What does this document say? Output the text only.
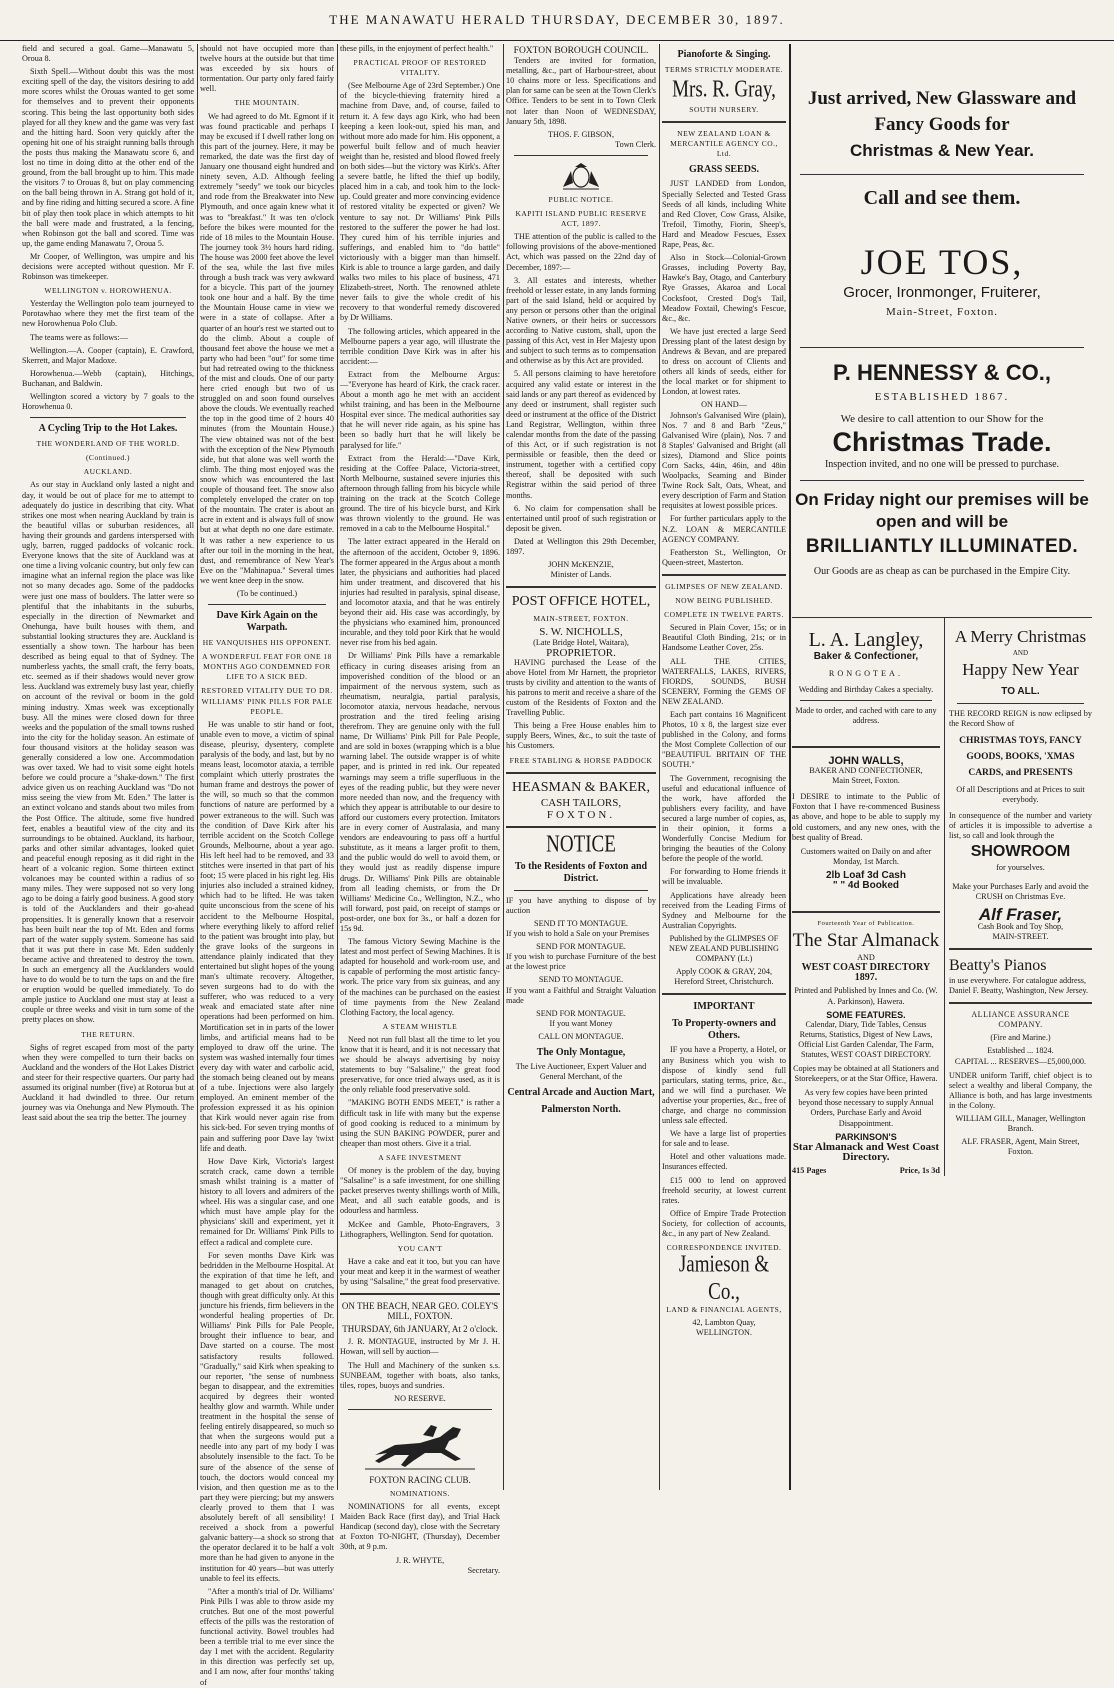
THE MANAWATU HERALD THURSDAY, DECEMBER 30, 1897.

field and secured a goal. Game—Manawatu 5, Oroua 8.

Sixth Spell.—Without doubt this was the most exciting spell of the day, the visitors desiring to add more scores whilst the Orouas wanted to get some for themselves and to prevent their opponents scoring. This being the last opportunity both sides played for all they knew and the game was very fast and the hitting hard. Soon very quickly after the opening hit one of his straight running balls through the posts thus making the Manawatu score 6, and lost no time in doing ditto at the other end of the ground, from the ball brought up to him. This made the visitors 7 to Orouas 8, but on play commencing on the ball being thrown in A. Strang got hold of it, and by fine riding and hitting secured a score. A fine bit of play then took place in which attempts to hit the ball were made and frustrated, a la fencing, when Robinson got the ball and scored. Time was up, the game ending Manawatu 7, Oroua 5.

Mr Cooper, of Wellington, was umpire and his decisions were accepted without question. Mr F. Robinson was timekeeper.

WELLINGTON v. HOROWHENUA.

Yesterday the Wellington polo team journeyed to Porotawhao where they met the first team of the new Horowhenua Polo Club.

The teams were as follows:—

Wellington.—A. Cooper (captain), E. Crawford, Skerrett, and Major Madoxe.

Horowhenua.—Webb (captain), Hitchings, Buchanan, and Baldwin.

Wellington scored a victory by 7 goals to the Horowhenua 0.

A Cycling Trip to the Hot Lakes.
THE WONDERLAND OF THE WORLD.
(Continued.)
AUCKLAND.

As our stay in Auckland only lasted a night and day, it would be out of place for me to attempt to adequately do justice in describing that city. What strikes one most when nearing Auckland by train is the beautiful villas or suburban residences, all having their grounds and gardens interspersed with ugly, barren, rugged paddocks of volcanic rock. Everyone knows that the site of Auckland was at one time a living volcanic country, but only few can imagine what an infernal region the place was like not so many decades ago. Some of the paddocks were just one mass of boulders. The latter were so plentiful that the inhabitants in the suburbs, especially in the direction of Newmarket and Onehunga, have built houses with them, and substantial looking structures they are. Auckland is essentially a show town. The harbour has been described as being equal to that of Sydney. The numberless yachts, the small craft, the ferry boats, etc. seemed as if their shadows would never grow less. Auckland was extremely busy last year, chiefly on account of the revival or boom in the gold mining industry. Xmas week was exceptionally busy. All the mines were closed down for three weeks and the population of the small towns rushed into the city for the holiday season. An estimate of four thousand visitors at the holiday season was generally considered a low one. Accommodation was over taxed. We had to visit some eight hotels before we could procure a "shake-down." The first advice given us on reaching Auckland was "Do not miss seeing the view from Mt. Eden." The latter is an extinct volcano and stands about two miles from the Post Office. The altitude, some five hundred feet, enables a beautiful view of the city and its surroundings to be obtained. Auckland, its harbour, parks and other similar advantages, looked quiet and peaceful enough reposing as it did right in the heart of a volcanic region. Some thirteen extinct volcanoes may be counted within a radius of so many miles. They were supposed not so very long ago to be doing a fairly good business. A good story is told of the Aucklanders and their go-ahead propensities. It is generally known that a reservoir has been built near the top of Mt. Eden and forms part of the water supply system. Someone has said that it was put there in case Mt. Eden suddenly became active and threatened to destroy the town. In such an emergency all the Aucklanders would have to do would be to turn the taps on and the fire or eruption would be quelled immediately. To do ample justice to Auckland one must stay at least a couple or three weeks and visit in turn some of the pretty places on show.

THE RETURN.

Sighs of regret escaped from most of the party when they were compelled to turn their backs on Auckland and the wonders of the Hot Lakes District and steer for their respective quarters. Our party had assumed its original number (five) at Rotorua but at Auckland it had dwindled to three. Our return journey was via Onehunga and New Plymouth. The least said about the sea trip the better. The journey

should not have occupied more than twelve hours at the outside but that time was exceeded by six hours of tormentation. Our party only fared fairly well.

THE MOUNTAIN.

We had agreed to do Mt. Egmont if it was found practicable and perhaps I may be excused if I dwell rather long on this part of the journey. Here, it may be remarked, the date was the first day of January one thousand eight hundred and ninety seven, A.D. Although feeling extremely "seedy" we took our bicycles and rode from the Breakwater into New Plymouth, and once again knew what it was to "breakfast." It was ten o'clock before the bikes were mounted for the ride of 18 miles to the Mountain House. The journey took 3½ hours hard riding. The house was 2000 feet above the level of the sea, while the last five miles through a bush track was very awkward for a bicycle. This part of the journey took one hour and a half. By the time the Mountain House came in view we were in a state of collapse. After a quarter of an hour's rest we started out to do the climb. About a couple of thousand feet above the house we met a party who had been "out" for some time but had retreated owing to the thickness of the mist and clouds. One of our party here cried enough but two of us struggled on and soon found ourselves above the clouds. We eventually reached the top in the good time of 2 hours 40 minutes (from the Mountain House.) The view obtained was not of the best with the exception of the New Plymouth side, but that alone was well worth the climb. The thing most enjoyed was the snow which was encountered the last couple of thousand feet. The snow also completely enveloped the crater on top of the mountain. The crater is about an acre in extent and is always full of snow but at what depth no one dare estimate. It was rather a new experience to us after our toil in the morning in the heat, dust, and remembrance of New Year's Eve on the "Mahinapua." Several times we went knee deep in the snow.

(To be continued.)
Dave Kirk Again on the Warpath.
HE VANQUISHES HIS OPPONENT.
A WONDERFUL FEAT FOR ONE 18 MONTHS AGO CONDEMNED FOR LIFE TO A SICK BED.
RESTORED VITALITY DUE TO DR. WILLIAMS' PINK PILLS FOR PALE PEOPLE.

He was unable to stir hand or foot, unable even to move, a victim of spinal disease, pleurisy, dysentery, complete paralysis of the body, and last, but by no means least, locomotor ataxia, a terrible complaint which utterly prostrates the human frame and destroys the power of the will, so much so that the common functions of nature are performed by a power extraneous to the will. Such was the condition of Dave Kirk after his terrible accident on the Scotch College Grounds, Melbourne, about a year ago. His left heel had to be removed, and 33 stitches were inserted in that part of his foot; 15 were placed in his right leg. His injuries also included a strained kidney, which had to be lifted. He was taken quite unconscious from the scene of his accident to the Melbourne Hospital, where everything likely to afford relief to the patient was brought into play, but the grave looks of the surgeons in attendance plainly indicated that they entertained but slight hopes of the young man's ultimate recovery. Altogether, seven surgeons had to do with the sufferer, who was reduced to a very weak and emaciated state after nine operations had been performed on him. Mortification set in in parts of the lower limbs, and artificial means had to be employed to draw off the urine. The system was washed internally four times every day with water and carbolic acid, the stomach being cleaned out by means of a tube. Injections were also largely employed. An eminent member of the profession expressed it as his opinion that Kirk would never again rise from his sick-bed. For seven trying months of pain and suffering poor Dave lay 'twixt life and death.

How Dave Kirk, Victoria's largest scratch crack, came down a terrible smash whilst training is a matter of history to all lovers and admirers of the wheel. His was a singular case, and one which must have ample play for the physicians' skill and experiment, yet it remained for Dr. Williams' Pink Pills to effect a radical and complete cure.

For seven months Dave Kirk was bedridden in the Melbourne Hospital. At the expiration of that time he left, and managed to get about on crutches, though with great difficulty only. At this juncture his friends, firm believers in the wonderful healing properties of Dr. Williams' Pink Pills for Pale People, brought their influence to bear, and Dave started on a course. The most satisfactory results followed. "Gradually," said Kirk when speaking to our reporter, "the sense of numbness began to disappear, and the extremities acquired by degrees their wonted healthy glow and warmth. While under treatment in the hospital the sense of feeling entirely disappeared, so much so that when the surgeons would put a needle into any part of my body I was absolutely insensible to the fact. To be sure of the absence of the sense of touch, the doctors would conceal my vision, and then question me as to the part they were piercing; but my answers clearly proved to them that I was absolutely bereft of all sensibility! I received a shock from a powerful galvanic battery—a shock so strong that the operator declared it to be half a volt more than he had given to anyone in the institution for 40 years—but was utterly unable to feel its effects.

"After a month's trial of Dr. Williams' Pink Pills I was able to throw aside my crutches. But one of the most powerful effects of the pills was the restoration of functional activity. Bowel troubles had been a terrible trial to me ever since the day I met with the accident. Regularity in this direction was perfectly set up, and I am now, after four months' taking of

these pills, in the enjoyment of perfect health."

PRACTICAL PROOF OF RESTORED VITALITY.

(See Melbourne Age of 23rd September.) One of the bicycle-thieving fraternity hired a machine from Dave, and, of course, failed to return it. A few days ago Kirk, who had been keeping a keen look-out, spied his man, and without more ado made for him. His opponent, a powerful built fellow and of much heavier weight than he, resisted and blood flowed freely on both sides—but the victory was Kirk's. After a severe battle, he lifted the thief up bodily, placed him in a cab, and took him to the lock-up. Could greater and more convincing evidence of restored vitality be expected or given? We venture to say not. Dr Williams' Pink Pills restored to the sufferer the power he had lost. They cured him of his terrible injuries and sufferings, and enabled him to "do battle" victoriously with a bigger man than himself. Kirk is able to trounce a large garden, and daily walks two miles to his place of business, 471 Elizabeth-street, North. The renowned athlete never fails to give the whole credit of his recovery to that wonderful remedy discovered by Dr Williams.

The following articles, which appeared in the Melbourne papers a year ago, will illustrate the terrible condition Dave Kirk was in after his accident:—

Extract from the Melbourne Argus:—"Everyone has heard of Kirk, the crack racer. About a month ago he met with an accident whilst training, and has been in the Melbourne Hospital ever since. The medical authorities say that he will never ride again, as his spine has been so badly hurt that he will likely be paralysed for life."

Extract from the Herald:—"Dave Kirk, residing at the Coffee Palace, Victoria-street, North Melbourne, sustained severe injuries this afternoon through falling from his bicycle while training on the track at the Scotch College ground. The tire of his bicycle burst, and Kirk was thrown violently to the ground. He was removed in a cab to the Melbourne Hospital."

The latter extract appeared in the Herald on the afternoon of the accident, October 9, 1896. The former appeared in the Argus about a month later, the physicians and authorities had placed him under treatment, and discovered that his injuries had resulted in paralysis, spinal disease, and locomotor ataxia, and that he was entirely beyond their aid. His case was accordingly, by the physicians who examined him, pronounced incurable, and they told poor Kirk that he would never rise from his bed again.

Dr Williams' Pink Pills have a remarkable efficacy in curing diseases arising from an impoverished condition of the blood or an impairment of the nervous system, such as rheumatism, neuralgia, partial paralysis, locomotor ataxia, nervous headache, nervous prostration and the tired feeling arising therefrom. They are genuine only with the full name, Dr Williams' Pink Pill for Pale People, and are sold in boxes (wrapping which is a blue warning label. The outside wrapper is of white paper, and is printed in red ink. Our repeated warnings may seem a trifle superfluous in the eyes of the reading public, but they were never more needed than now, and the frequency with which they appear is attributable to our desire to afford our customers every protection. Imitators are in every corner of Australasia, and many vendors are endeavouring to pass off a hurtful substitute, as it means a larger profit to them, and the public would do well to avoid them, or they would just as readily dispense impure drugs. Dr. Williams' Pink Pills are obtainable from all leading chemists, or from the Dr Williams' Medicine Co., Wellington, N.Z., who will forward, post paid, on receipt of stamps or post-order, one box for 3s., or half a dozen for 15s 9d.

The famous Victory Sewing Machine is the latest and most perfect of Sewing Machines. It is adapted for household and work-room use, and is capable of performing the most artistic fancy-work. The price vary from six guineas, and any of the machines can be purchased on the easiest of time payments from the New Zealand Clothing Factory, the local agency.

A STEAM WHISTLE

Need not run full blast all the time to let you know that it is heard, and it is not necessary that we should be always advertising by noisy statements to buy "Salsaline," the great food preservative, for once tried always used, as it is the only reliable food preservative sold.

"MAKING BOTH ENDS MEET," is rather a difficult task in life with many but the expense of good cooking is reduced to a minimum by using the SUN BAKING POWDER, purer and cheaper than most others. Give it a trial.

A SAFE INVESTMENT

Of money is the problem of the day, buying "Salsaline" is a safe investment, for one shilling packet preserves twenty shillings worth of Milk, Meat, and all such eatable goods, and is odourless and harmless.

McKee and Gamble, Photo-Engravers, 3 Lithographers, Wellington. Send for quotation.

YOU CAN'T

Have a cake and eat it too, but you can have your meat and keep it in the warmest of weather by using "Salsaline," the great food preservative.

ON THE BEACH, NEAR GEO. COLEY'S MILL, FOXTON.
THURSDAY, 6th JANUARY, At 2 o'clock.

J. R. MONTAGUE, instructed by Mr J. H. Howan, will sell by auction—

The Hull and Machinery of the sunken s.s. SUNBEAM, together with boats, also tanks, tiles, ropes, buoys and sundries.

NO RESERVE.
FOXTON RACING CLUB.
NOMINATIONS.

NOMINATIONS for all events, except Maiden Back Race (first day), and Trial Hack Handicap (second day), close with the Secretary at Foxton TO-NIGHT, (Thursday), December 30th, at 9 p.m.

J. R. WHYTE,
Secretary.
FOXTON BOROUGH COUNCIL.

Tenders are invited for formation, metalling, &c., part of Harbour-street, about 10 chains more or less. Specifications and plan for same can be seen at the Town Clerk's Office. Tenders to be sent in to Town Clerk not later than Noon of WEDNESDAY, January 5th, 1898.

THOS. F. GIBSON,
Town Clerk.
PUBLIC NOTICE.
KAPITI ISLAND PUBLIC RESERVE ACT, 1897.

THE attention of the public is called to the following provisions of the above-mentioned Act, which was passed on the 22nd day of December, 1897:—

3. All estates and interests, whether freehold or lesser estate, in any lands forming part of the said Island, held or acquired by any person or persons other than the original Native owners, or their heirs or successors according to Native custom, shall, upon the passing of this Act, vest in Her Majesty upon and subject to such terms as to compensation and otherwise as by this Act are provided.

5. All persons claiming to have heretofore acquired any valid estate or interest in the said lands or any part thereof as evidenced by any deed or instrument, shall register such deed or instrument at the office of the District Land Registrar, Wellington, within three calendar months from the date of the passing of this Act, or if such registration is not permissible or feasible, then the deed or instrument, together with a certified copy thereof, shall be deposited with such Registrar within the said period of three months.

6. No claim for compensation shall be entertained until proof of such registration or deposit be given.

Dated at Wellington this 29th December, 1897.

JOHN McKENZIE,
Minister of Lands.
POST OFFICE HOTEL,
MAIN-STREET, FOXTON.
S. W. NICHOLLS,
(Late Bridge Hotel, Waitara),
PROPRIETOR.

HAVING purchased the Lease of the above Hotel from Mr Harnett, the proprietor trusts by civility and attention to the wants of his patrons to merit and receive a share of the custom of the Residents of Foxton and the Travelling Public.

This being a Free House enables him to supply Beers, Wines, &c., to suit the taste of his Customers.

FREE STABLING & HORSE PADDOCK
HEASMAN & BAKER,
CASH TAILORS,
FOXTON.
NOTICE
To the Residents of Foxton and District.

IF you have anything to dispose of by auction

SEND IT TO MONTAGUE.

If you wish to hold a Sale on your Premises

SEND FOR MONTAGUE.

If you wish to purchase Furniture of the best at the lowest price

SEND TO MONTAGUE.

If you want a Faithful and Straight Valuation made

SEND FOR MONTAGUE.

If you want Money

CALL ON MONTAGUE.
The Only Montague,

The Live Auctioneer, Expert Valuer and General Merchant, of the

Central Arcade and Auction Mart,
Palmerston North.
Pianoforte & Singing.
TERMS STRICTLY MODERATE.
Mrs. R. Gray,
SOUTH NURSERY.
NEW ZEALAND LOAN & MERCANTILE AGENCY CO., Ltd.
GRASS SEEDS.

JUST LANDED from London, Specially Selected and Tested Grass Seeds of all kinds, including White and Red Clover, Cow Grass, Alsike, Trefoil, Timothy, Fiorin, Sheep's, Hard and Meadow Fescues, Essex Rape, Peas, &c.

Also in Stock—Colonial-Grown Grasses, including Poverty Bay, Hawke's Bay, Otago, and Canterbury Rye Grasses, Akaroa and Local Cocksfoot, Crested Dog's Tail, Meadow Foxtail, Chewing's Fescue, &c., &c.

We have just erected a large Seed Dressing plant of the latest design by Andrews & Bevan, and are prepared to dress on account of Clients and others all kinds of seeds, either for the local market or for shipment to London, at lowest rates.

ON HAND—

Johnson's Galvanised Wire (plain), Nos. 7 and 8 and Barb "Zeus," Galvanised Wire (plain), Nos. 7 and 8 Staples' Galvanised and Bright (all sizes), Diamond and Slice points Corn Sacks, 44in, 46in, and 48in Woolpacks, Seaming and Binder Twine Rock Salt, Oats, Wheat, and every description of Farm and Station requisites at lowest possible prices.

For further particulars apply to the N.Z. LOAN & MERCANTILE AGENCY COMPANY.

Featherston St., Wellington, Or Queen-street, Masterton.

GLIMPSES OF NEW ZEALAND.
NOW BEING PUBLISHED.
COMPLETE IN TWELVE PARTS.

Secured in Plain Cover, 15s; or in Beautiful Cloth Binding, 21s; or in Handsome Leather Cover, 25s.

ALL THE CITIES, WATERFALLS, LAKES, RIVERS, FIORDS, SOUNDS, BUSH SCENERY, Forming the GEMS OF NEW ZEALAND.

Each part contains 16 Magnificent Photos, 10 x 8, the largest size ever published in the Colony, and forms the Most Complete Collection of our "BEAUTIFUL BRITAIN OF THE SOUTH."

The Government, recognising the useful and educational influence of the work, have afforded the publishers every facility, and have secured a large number of copies, as, in their opinion, it forms a Wonderfully Concise Medium for bringing the beauties of the Colony before the people of the world.

For forwarding to Home friends it will be invaluable.

Applications have already been received from the Leading Firms of Sydney and Melbourne for the Australian Copyrights.

Published by the GLIMPSES OF NEW ZEALAND PUBLISHING COMPANY (Lt.)

Apply COOK & GRAY, 204, Hereford Street, Christchurch.

IMPORTANT
To Property-owners and Others.

IF you have a Property, a Hotel, or any Business which you wish to dispose of kindly send full particulars, stating terms, price, &c., and we will find a purchaser. We advertise your properties, &c., free of charge, and charge no commission unless sale effected.

We have a large list of properties for sale and to lease.

Hotel and other valuations made. Insurances effected.

£15 000 to lend on approved freehold security, at lowest current rates.

Office of Empire Trade Protection Society, for collection of accounts, &c., in any part of New Zealand.

CORRESPONDENCE INVITED.
Jamieson & Co.,
LAND & FINANCIAL AGENTS,
42, Lambton Quay,
WELLINGTON.
Just arrived, New Glassware and Fancy Goods for
Christmas & New Year.
Call and see them.
JOE TOS,
Grocer, Ironmonger, Fruiterer,
Main-Street, Foxton.
P. HENNESSY & CO.,
ESTABLISHED 1867.
We desire to call attention to our Show for the
Christmas Trade.
Inspection invited, and no one will be pressed to purchase.
On Friday night our premises will be open and will be
BRILLIANTLY ILLUMINATED.
Our Goods are as cheap as can be purchased in the Empire City.
L. A. Langley,
Baker & Confectioner,
RONGOTEA.
Wedding and Birthday Cakes a specialty.
Made to order, and cached with care to any address.
JOHN WALLS,
BAKER AND CONFECTIONER,
Main Street, Foxton.
I DESIRE to intimate to the Public of Foxton that I have re-commenced Business as above, and hope to be able to supply my old customers, and any new ones, with the best quality of Bread.
Customers waited on Daily on and after Monday, 1st March.
2lb Loaf 3d Cash
" " 4d Booked
Fourteenth Year of Publication.
The Star Almanack
AND
WEST COAST DIRECTORY 1897.
Printed and Published by Innes and Co. (W. A. Parkinson), Hawera.
SOME FEATURES.
Calendar, Diary, Tide Tables, Census Returns, Statistics, Digest of New Laws, Official List Garden Calendar, The Farm, Statutes, WEST COAST DIRECTORY.
Copies may be obtained at all Stationers and Storekeepers, or at the Star Office, Hawera.
As very few copies have been printed beyond those necessary to supply Annual Orders, Purchase Early and Avoid Disappointment.
PARKINSON'S
Star Almanack and West Coast Directory.
415 Pages	Price, 1s 3d
A Merry Christmas
AND
Happy New Year
TO ALL.
THE RECORD REIGN is now eclipsed by the Record Show of
CHRISTMAS TOYS, FANCY GOODS, BOOKS, 'XMAS CARDS, and PRESENTS
Of all Descriptions and at Prices to suit everybody.
In consequence of the number and variety of articles it is impossible to advertise a list, so call and look through the
SHOWROOM
for yourselves.
Make your Purchases Early and avoid the CRUSH on Christmas Eve.
Alf Fraser,
Cash Book and Toy Shop,
MAIN-STREET.
Beatty's Pianos
in use everywhere. For catalogue address, Daniel F. Beatty, Washington, New Jersey.
ALLIANCE ASSURANCE COMPANY.
(Fire and Marine.)
Established ... 1824.
CAPITAL ... RESERVES—£5,000,000.
UNDER uniform Tariff, chief object is to select a wealthy and liberal Company, the Alliance is both, and has large investments in the Colony.
WILLIAM GILL, Manager, Wellington Branch.
ALF. FRASER, Agent, Main Street, Foxton.
